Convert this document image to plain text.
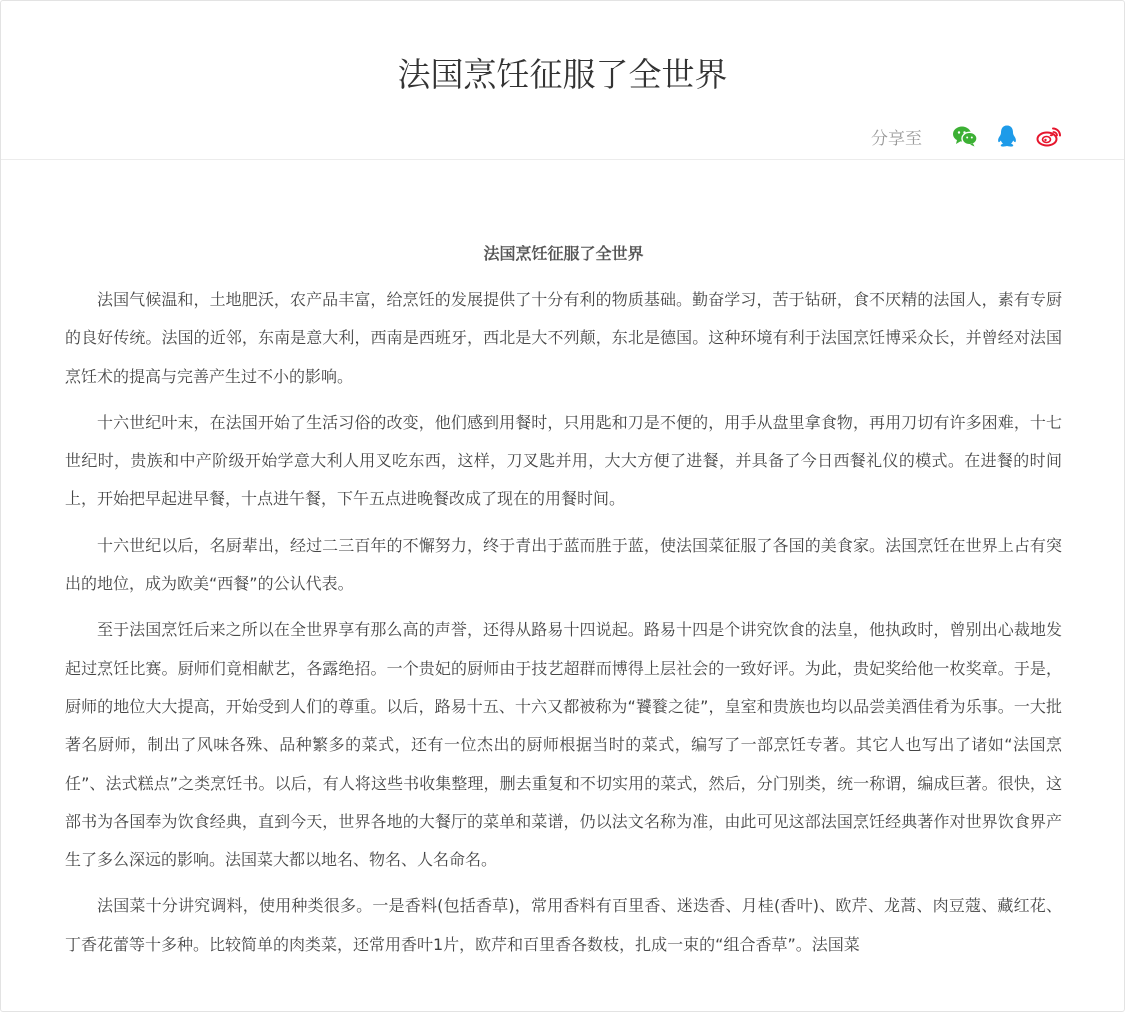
法国烹饪征服了全世界
分享至

法国烹饪征服了全世界

法国气候温和，土地肥沃，农产品丰富，给烹饪的发展提供了十分有利的物质基础。勤奋学习，苦于钻研，食不厌精的法国人，素有专厨的良好传统。法国的近邻，东南是意大利，西南是西班牙，西北是大不列颠，东北是德国。这种环境有利于法国烹饪博采众长，并曾经对法国烹饪术的提高与完善产生过不小的影响。

十六世纪叶末，在法国开始了生活习俗的改变，他们感到用餐时，只用匙和刀是不便的，用手从盘里拿食物，再用刀切有许多困难，十七世纪时，贵族和中产阶级开始学意大利人用叉吃东西，这样，刀叉匙并用，大大方便了进餐，并具备了今日西餐礼仪的模式。在进餐的时间上，开始把早起进早餐，十点进午餐，下午五点进晚餐改成了现在的用餐时间。

十六世纪以后，名厨辈出，经过二三百年的不懈努力，终于青出于蓝而胜于蓝，使法国菜征服了各国的美食家。法国烹饪在世界上占有突出的地位，成为欧美“西餐”的公认代表。

至于法国烹饪后来之所以在全世界享有那么高的声誉，还得从路易十四说起。路易十四是个讲究饮食的法皇，他执政时，曾别出心裁地发起过烹饪比赛。厨师们竟相献艺，各露绝招。一个贵妃的厨师由于技艺超群而博得上层社会的一致好评。为此，贵妃奖给他一枚奖章。于是，厨师的地位大大提高，开始受到人们的尊重。以后，路易十五、十六又都被称为“饕餮之徒”，皇室和贵族也均以品尝美酒佳肴为乐事。一大批著名厨师，制出了风味各殊、品种繁多的菜式，还有一位杰出的厨师根据当时的菜式，编写了一部烹饪专著。其它人也写出了诸如“法国烹任”、法式糕点”之类烹饪书。以后，有人将这些书收集整理，删去重复和不切实用的菜式，然后，分门别类，统一称谓，编成巨著。很快，这部书为各国奉为饮食经典，直到今天，世界各地的大餐厅的菜单和菜谱，仍以法文名称为准，由此可见这部法国烹饪经典著作对世界饮食界产生了多么深远的影响。法国菜大都以地名、物名、人名命名。

法国菜十分讲究调料，使用种类很多。一是香料(包括香草)，常用香料有百里香、迷迭香、月桂(香叶)、欧芹、龙蒿、肉豆蔻、藏红花、丁香花蕾等十多种。比较简单的肉类菜，还常用香叶1片，欧芹和百里香各数枝，扎成一束的“组合香草”。法国菜
